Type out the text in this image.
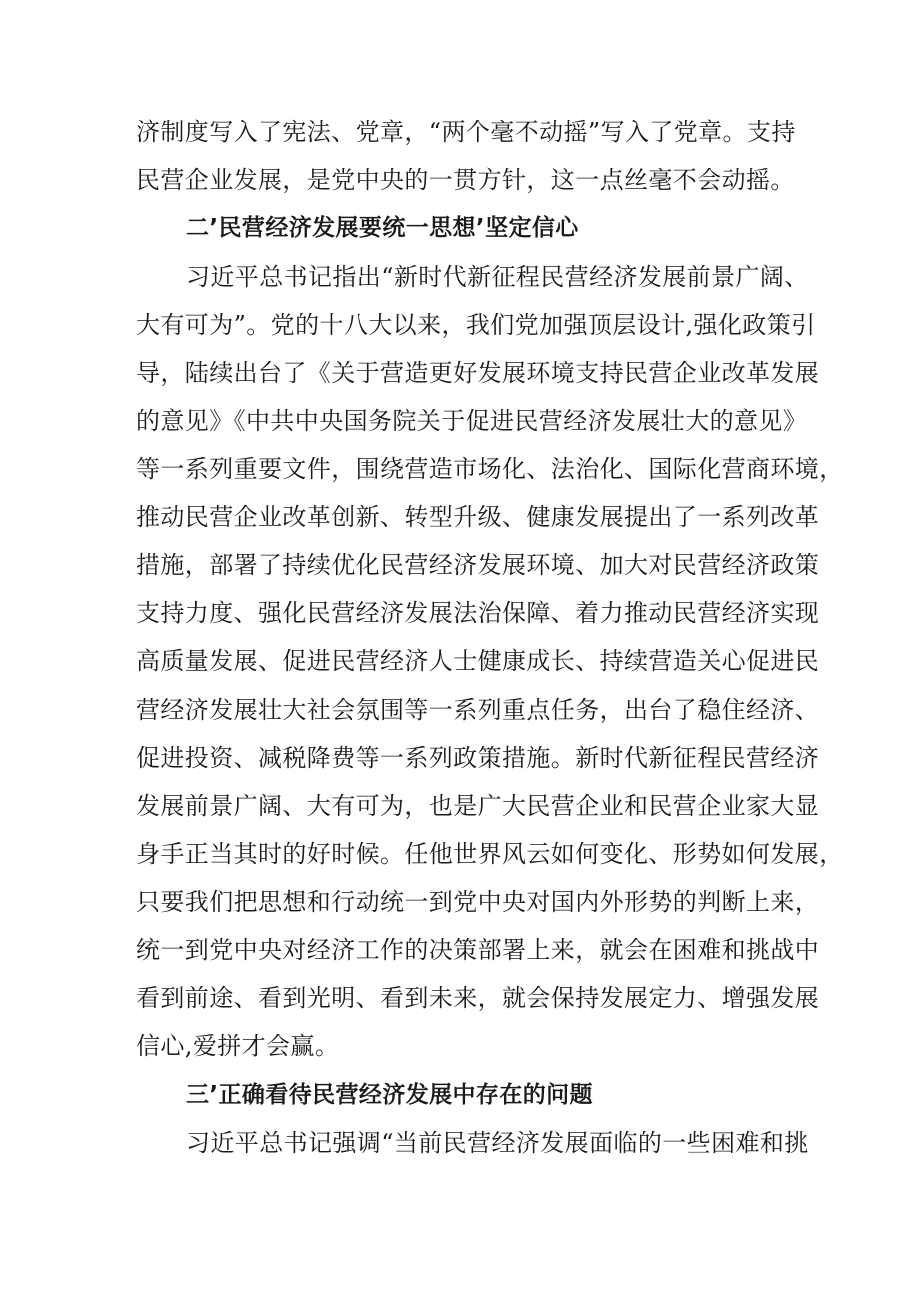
济制度写入了宪法、党章，“两个毫不动摇”写入了党章。支持
民营企业发展，是党中央的一贯方针，这一点丝毫不会动摇。
二’民营经济发展要统一思想’坚定信心
习近平总书记指出“新时代新征程民营经济发展前景广阔、
大有可为”。党的十八大以来，我们党加强顶层设计,强化政策引
导，陆续出台了《关于营造更好发展环境支持民营企业改革发展
的意见》《中共中央国务院关于促进民营经济发展壮大的意见》
等一系列重要文件，围绕营造市场化、法治化、国际化营商环境，
推动民营企业改革创新、转型升级、健康发展提出了一系列改革
措施，部署了持续优化民营经济发展环境、加大对民营经济政策
支持力度、强化民营经济发展法治保障、着力推动民营经济实现
高质量发展、促进民营经济人士健康成长、持续营造关心促进民
营经济发展壮大社会氛围等一系列重点任务，出台了稳住经济、
促进投资、减税降费等一系列政策措施。新时代新征程民营经济
发展前景广阔、大有可为，也是广大民营企业和民营企业家大显
身手正当其时的好时候。任他世界风云如何变化、形势如何发展，
只要我们把思想和行动统一到党中央对国内外形势的判断上来，
统一到党中央对经济工作的决策部署上来，就会在困难和挑战中
看到前途、看到光明、看到未来，就会保持发展定力、增强发展
信心,爱拼才会赢。
三’正确看待民营经济发展中存在的问题
习近平总书记强调“当前民营经济发展面临的一些困难和挑
